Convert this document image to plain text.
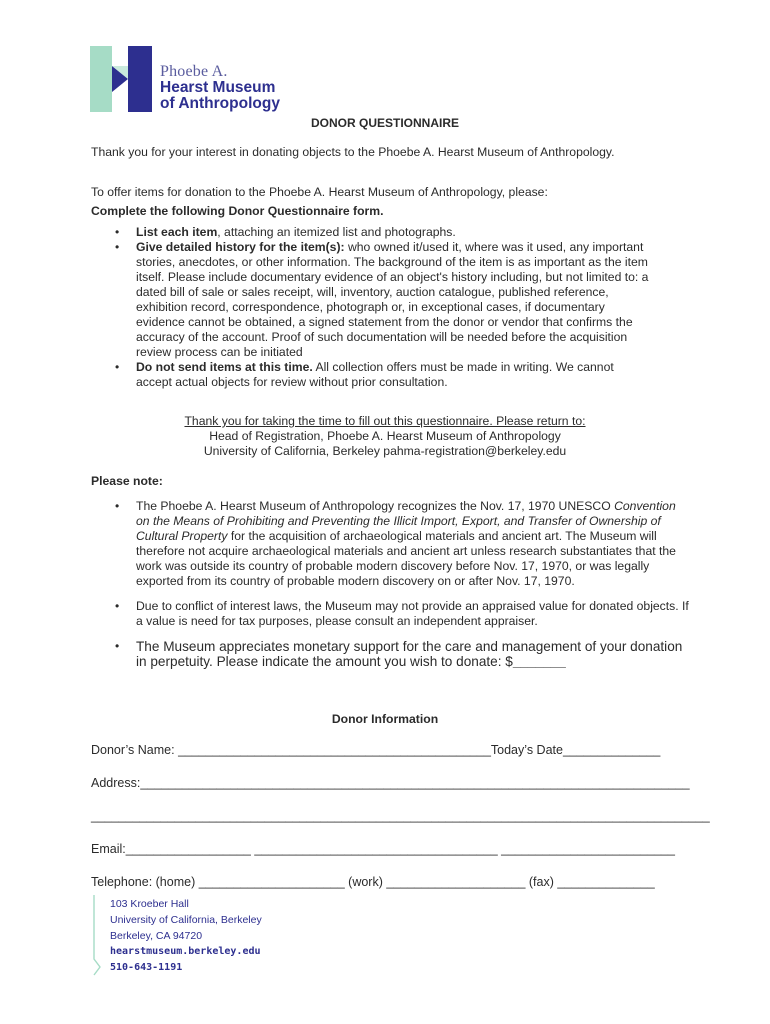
Phoebe A.
Hearst Museum
of Anthropology
DONOR QUESTIONNAIRE
Thank you for your interest in donating objects to the Phoebe A. Hearst Museum of Anthropology.
To offer items for donation to the Phoebe A. Hearst Museum of Anthropology, please:
Complete the following Donor Questionnaire form.
• List each item, attaching an itemized list and photographs.
• Give detailed history for the item(s): who owned it/used it, where was it used, any important stories, anecdotes, or other information. The background of the item is as important as the item itself. Please include documentary evidence of an object's history including, but not limited to: a dated bill of sale or sales receipt, will, inventory, auction catalogue, published reference, exhibition record, correspondence, photograph or, in exceptional cases, if documentary evidence cannot be obtained, a signed statement from the donor or vendor that confirms the accuracy of the account. Proof of such documentation will be needed before the acquisition review process can be initiated
• Do not send items at this time. All collection offers must be made in writing. We cannot accept actual objects for review without prior consultation.
Thank you for taking the time to fill out this questionnaire. Please return to:
Head of Registration, Phoebe A. Hearst Museum of Anthropology
University of California, Berkeley pahma-registration@berkeley.edu
Please note:
• The Phoebe A. Hearst Museum of Anthropology recognizes the Nov. 17, 1970 UNESCO Convention on the Means of Prohibiting and Preventing the Illicit Import, Export, and Transfer of Ownership of Cultural Property for the acquisition of archaeological materials and ancient art. The Museum will therefore not acquire archaeological materials and ancient art unless research substantiates that the work was outside its country of probable modern discovery before Nov. 17, 1970, or was legally exported from its country of probable modern discovery on or after Nov. 17, 1970.
• Due to conflict of interest laws, the Museum may not provide an appraised value for donated objects. If a value is need for tax purposes, please consult an independent appraiser.
• The Museum appreciates monetary support for the care and management of your donation in perpetuity. Please indicate the amount you wish to donate: $_______
Donor Information
Donor’s Name: _____________________________________________Today’s Date______________
Address:_______________________________________________________________________________
_________________________________________________________________________________________
Email:__________________ ___________________________________ _________________________
Telephone: (home) _____________________ (work) ____________________ (fax) ______________
103 Kroeber Hall
University of California, Berkeley
Berkeley, CA 94720
hearstmuseum.berkeley.edu
510-643-1191
